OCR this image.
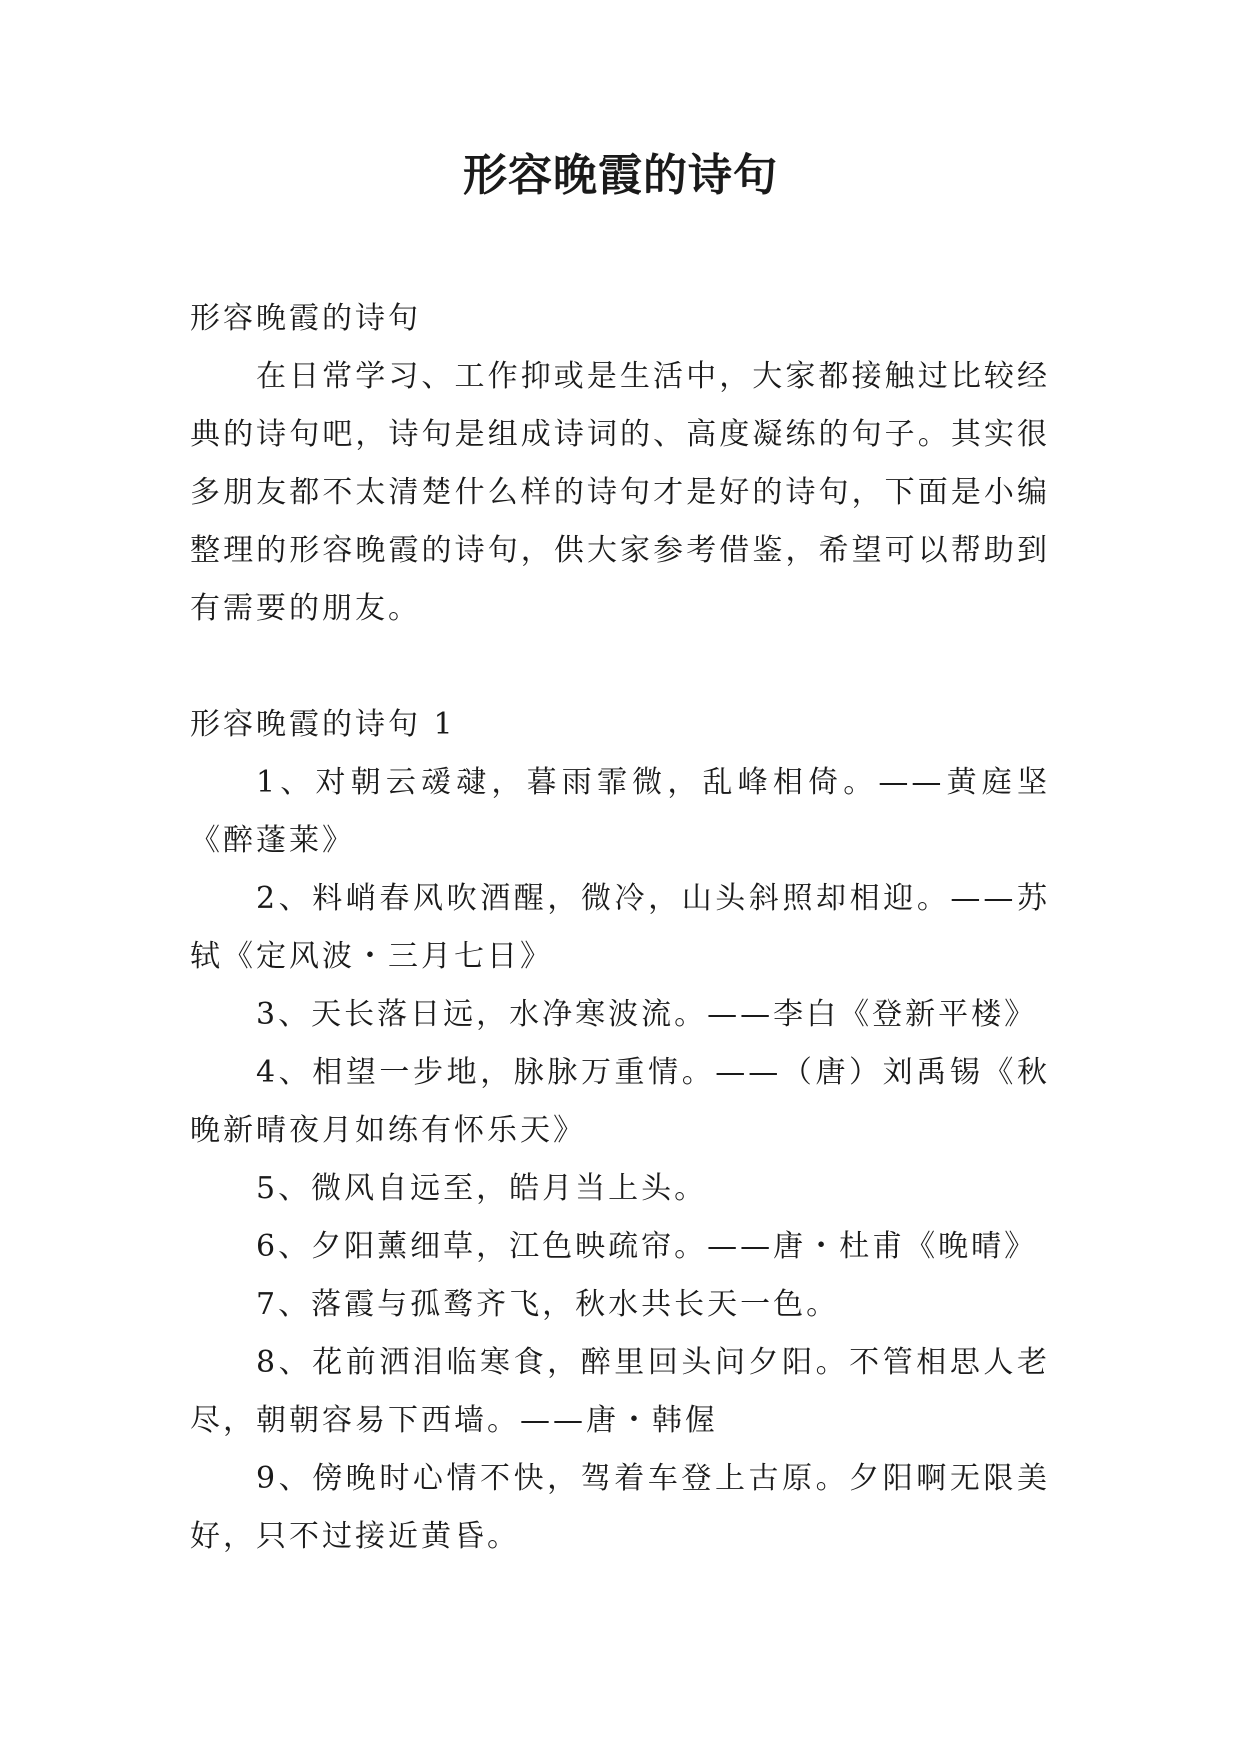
形容晚霞的诗句

形容晚霞的诗句

在日常学习、工作抑或是生活中，大家都接触过比较经典的诗句吧，诗句是组成诗词的、高度凝练的句子。其实很多朋友都不太清楚什么样的诗句才是好的诗句，下面是小编整理的形容晚霞的诗句，供大家参考借鉴，希望可以帮助到有需要的朋友。

形容晚霞的诗句 1

1、对朝云叆叇，暮雨霏微，乱峰相倚。——黄庭坚《醉蓬莱》

2、料峭春风吹酒醒，微冷，山头斜照却相迎。——苏轼《定风波・三月七日》

3、天长落日远，水净寒波流。——李白《登新平楼》

4、相望一步地，脉脉万重情。——（唐）刘禹锡《秋晚新晴夜月如练有怀乐天》

5、微风自远至，皓月当上头。

6、夕阳薰细草，江色映疏帘。——唐・杜甫《晚晴》

7、落霞与孤鹜齐飞，秋水共长天一色。

8、花前洒泪临寒食，醉里回头问夕阳。不管相思人老尽，朝朝容易下西墙。——唐・韩偓

9、傍晚时心情不快，驾着车登上古原。夕阳啊无限美好，只不过接近黄昏。
